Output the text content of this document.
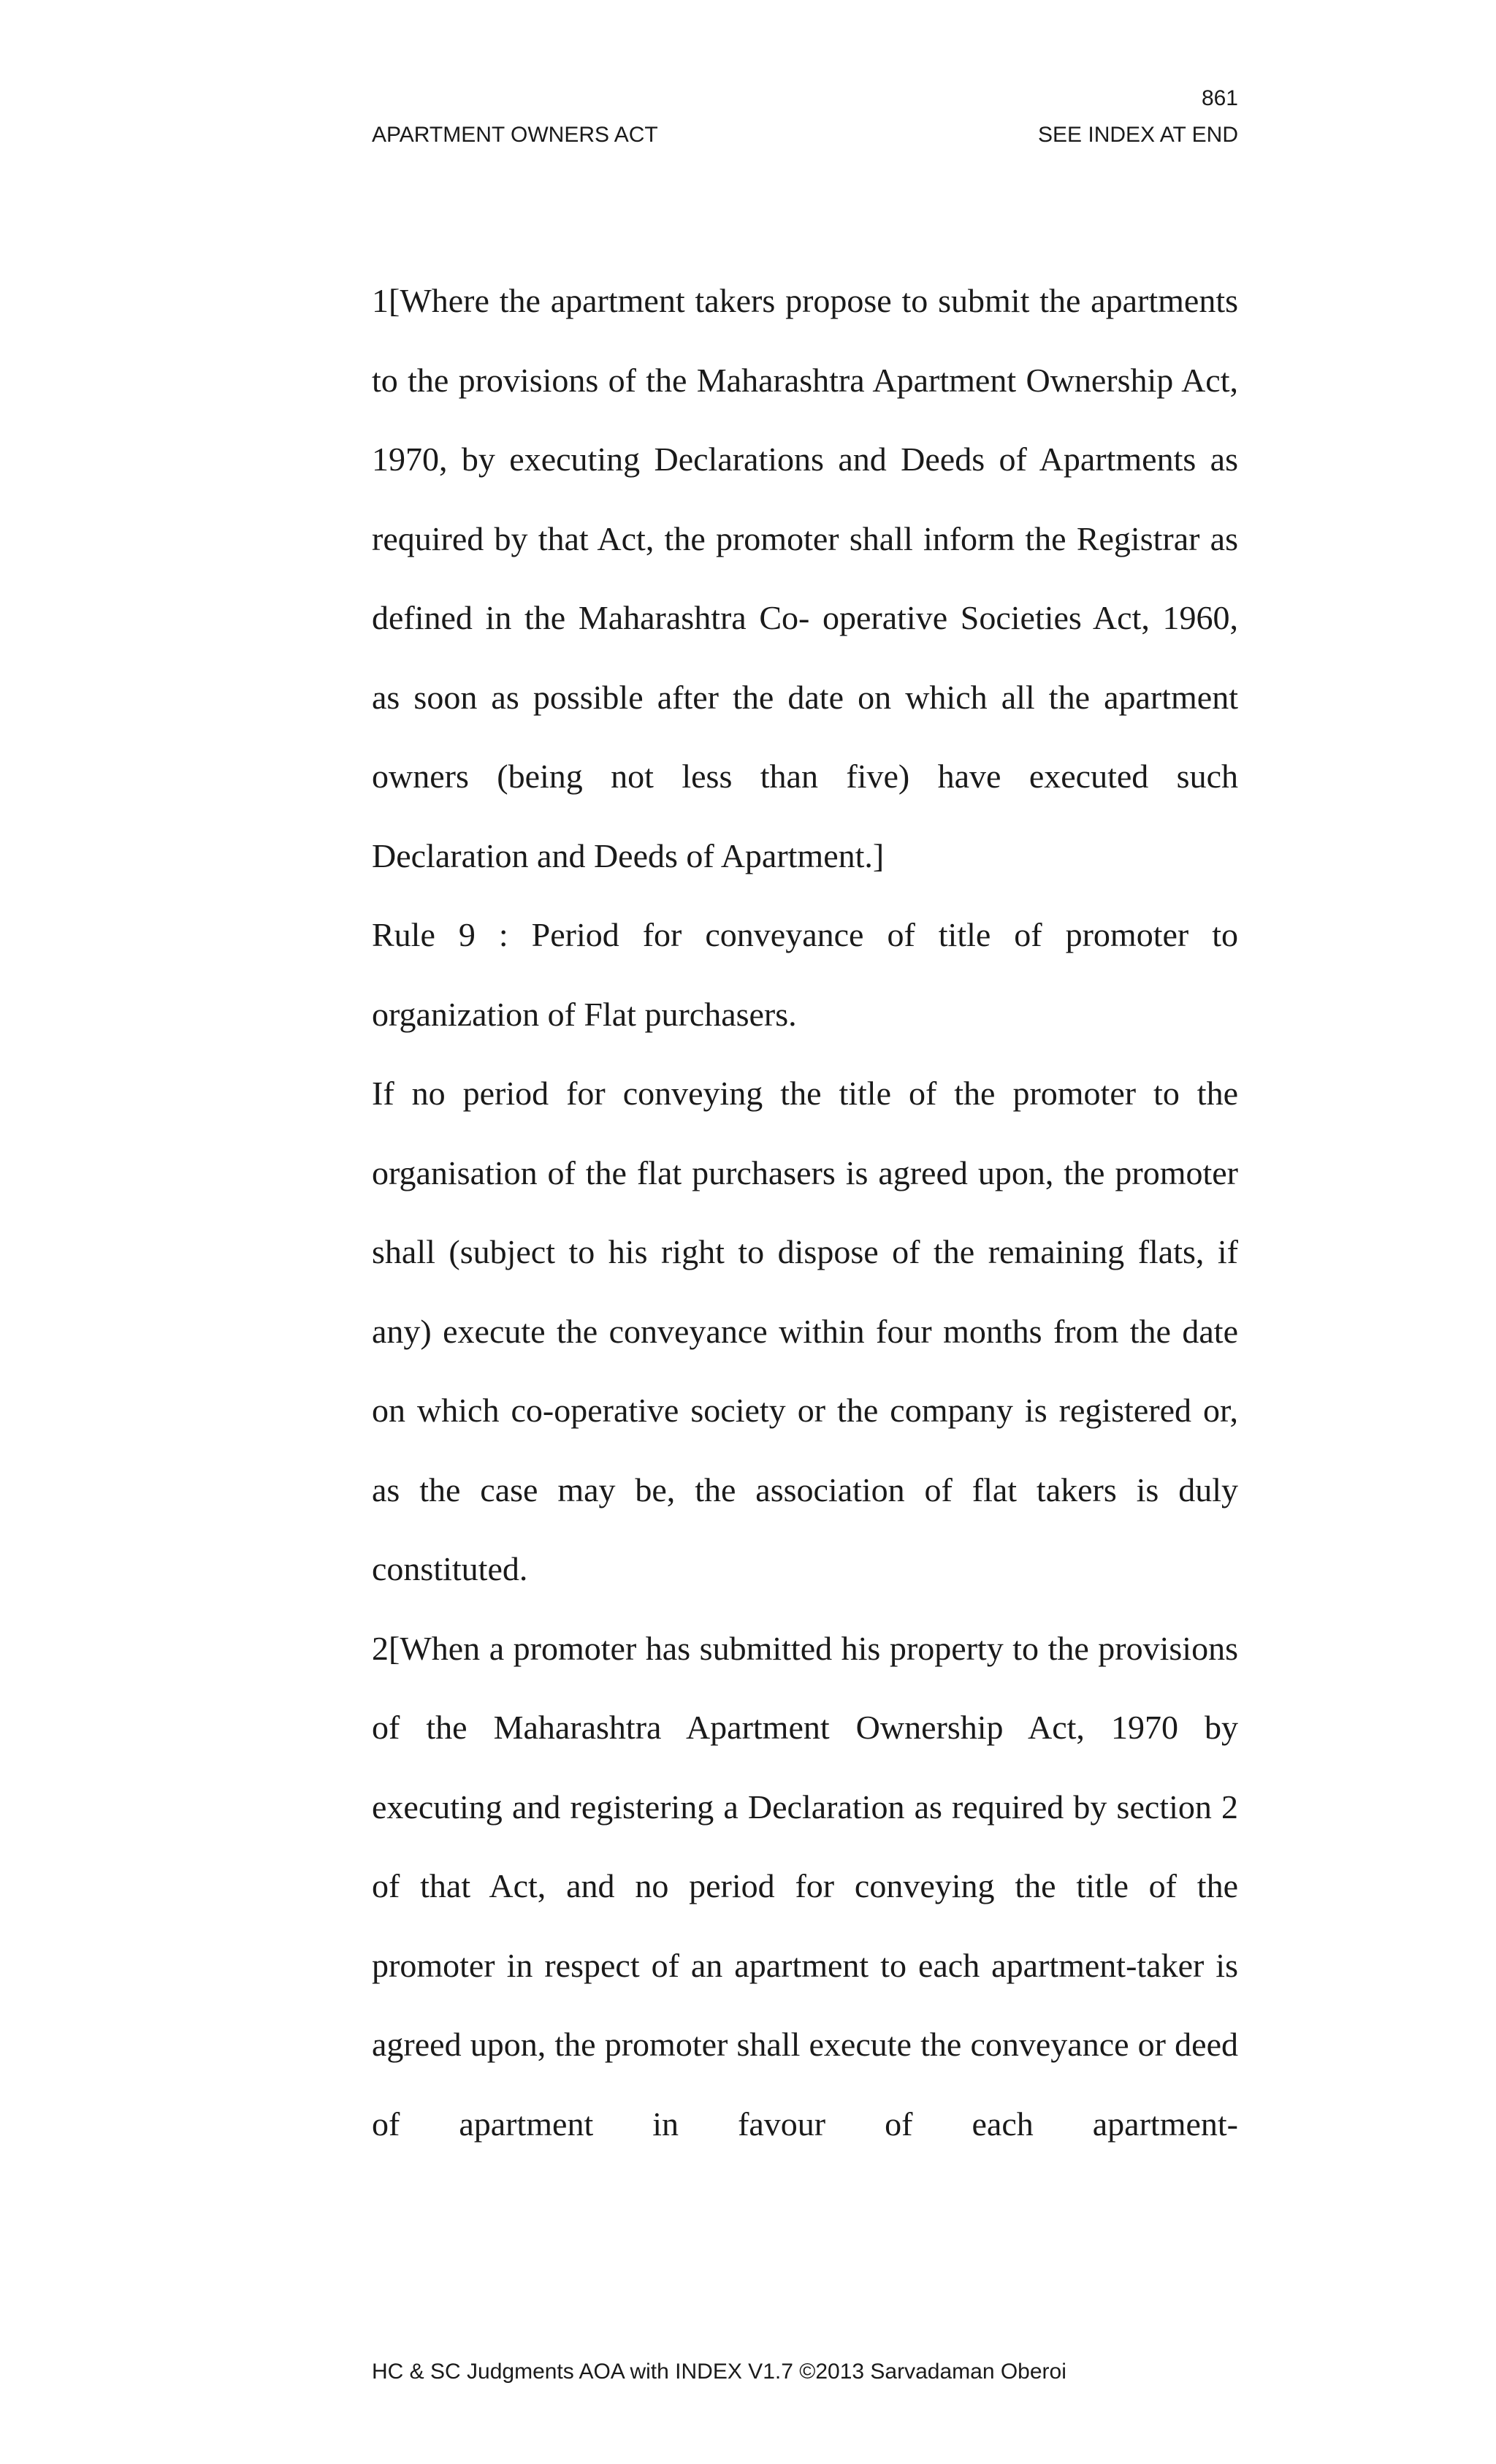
861
APARTMENT OWNERS ACT	SEE INDEX AT END

1[Where the apartment takers propose to submit the apartments to the provisions of the Maharashtra Apartment Ownership Act, 1970, by executing Declarations and Deeds of Apartments as required by that Act, the promoter shall inform the Registrar as defined in the Maharashtra Co- operative Societies Act, 1960, as soon as possible after the date on which all the apartment owners (being not less than five) have executed such Declaration and Deeds of Apartment.]

Rule 9 : Period for conveyance of title of promoter to organization of Flat purchasers.

If no period for conveying the title of the promoter to the organisation of the flat purchasers is agreed upon, the promoter shall (subject to his right to dispose of the remaining flats, if any) execute the conveyance within four months from the date on which co-operative society or the company is registered or, as the case may be, the association of flat takers is duly constituted.

2[When a promoter has submitted his property to the provisions of the Maharashtra Apartment Ownership Act, 1970 by executing and registering a Declaration as required by section 2 of that Act, and no period for conveying the title of the promoter in respect of an apartment to each apartment-taker is agreed upon, the promoter shall execute the conveyance or deed of apartment in favour of each apartment-

HC & SC Judgments AOA with INDEX V1.7 ©2013 Sarvadaman Oberoi
